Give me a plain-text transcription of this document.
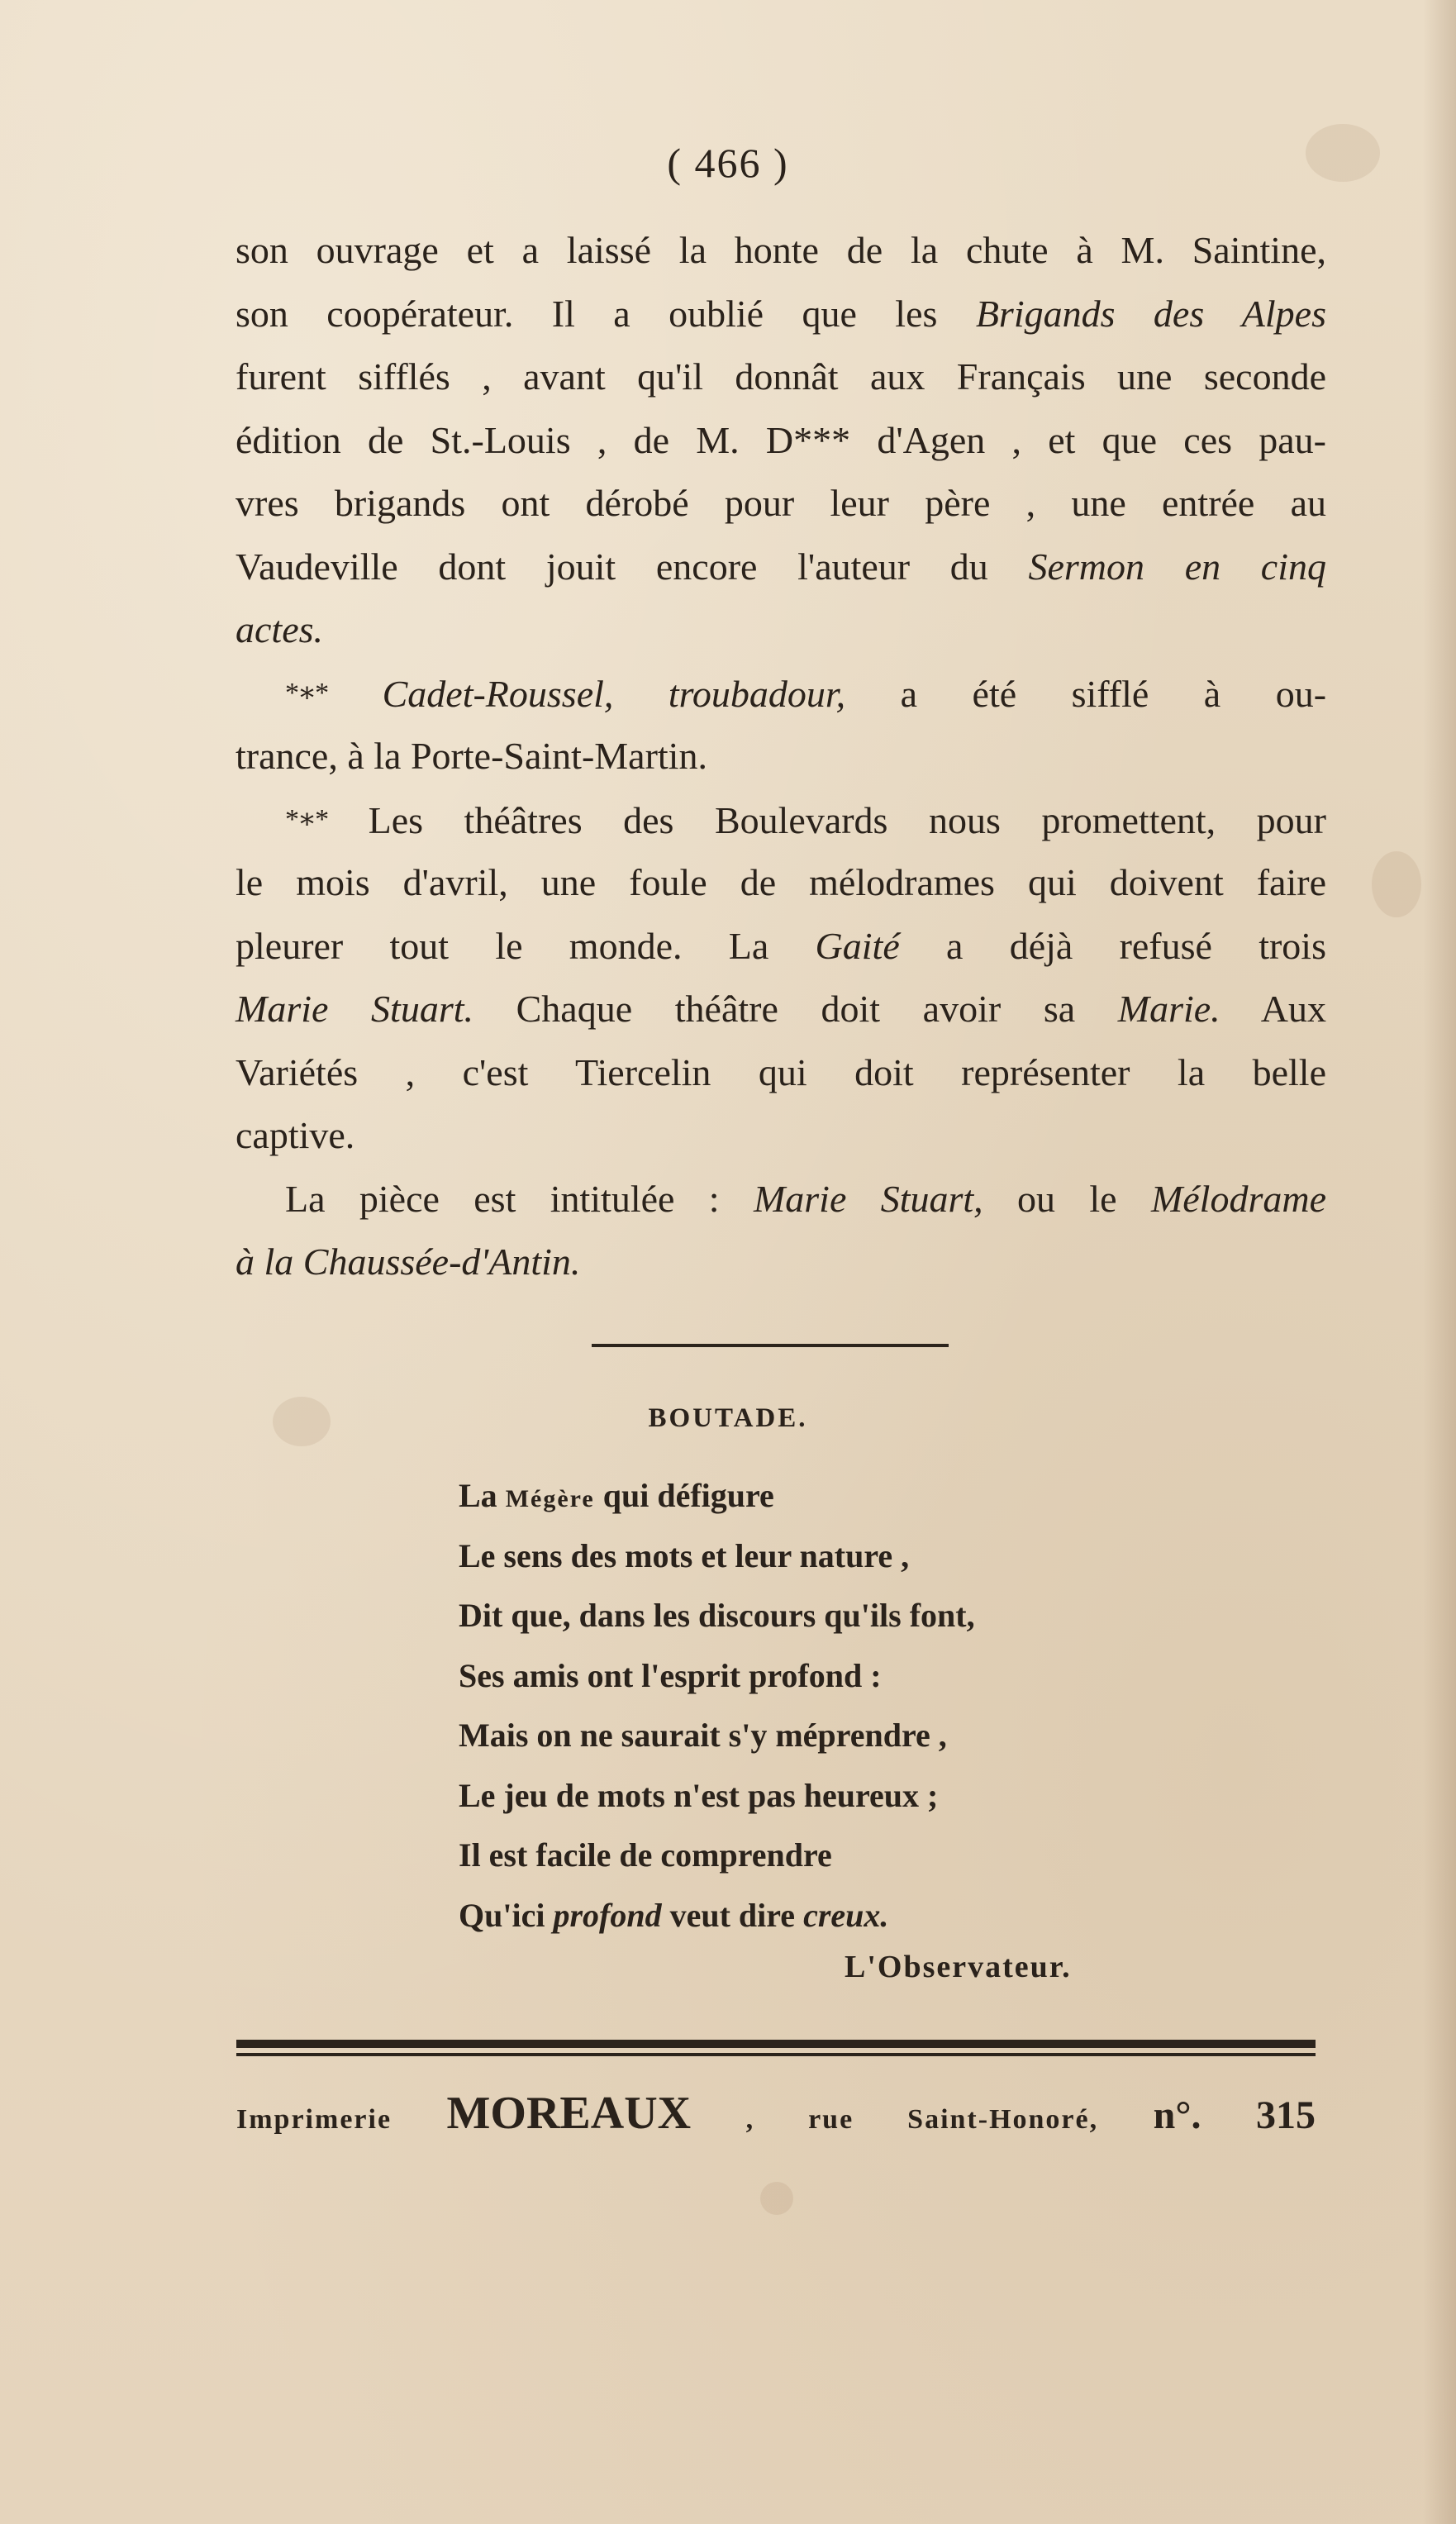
( 466 )
son ouvrage et a laissé la honte de la chute à M. Saintine,
son coopérateur. Il a oublié que les Brigands des Alpes
furent sifflés , avant qu'il donnât aux Français une seconde
édition de St.-Louis , de M. D*** d'Agen , et que ces pau-
vres brigands ont dérobé pour leur père , une entrée au
Vaudeville dont jouit encore l'auteur du Sermon en cinq
actes.
*∗* Cadet-Roussel, troubadour, a été sifflé à ou-
trance, à la Porte-Saint-Martin.
*∗* Les théâtres des Boulevards nous promettent, pour
le mois d'avril, une foule de mélodrames qui doivent faire
pleurer tout le monde. La Gaité a déjà refusé trois
Marie Stuart. Chaque théâtre doit avoir sa Marie. Aux
Variétés , c'est Tiercelin qui doit représenter la belle
captive.
La pièce est intitulée : Marie Stuart, ou le Mélodrame
à la Chaussée-d'Antin.
BOUTADE.
La Mégère qui défigure
Le sens des mots et leur nature ,
Dit que, dans les discours qu'ils font,
Ses amis ont l'esprit profond :
Mais on ne saurait s'y méprendre ,
Le jeu de mots n'est pas heureux ;
Il est facile de comprendre
Qu'ici profond veut dire creux.
L'Observateur.
Imprimerie MOREAUX , rue Saint-Honoré, n°. 315
